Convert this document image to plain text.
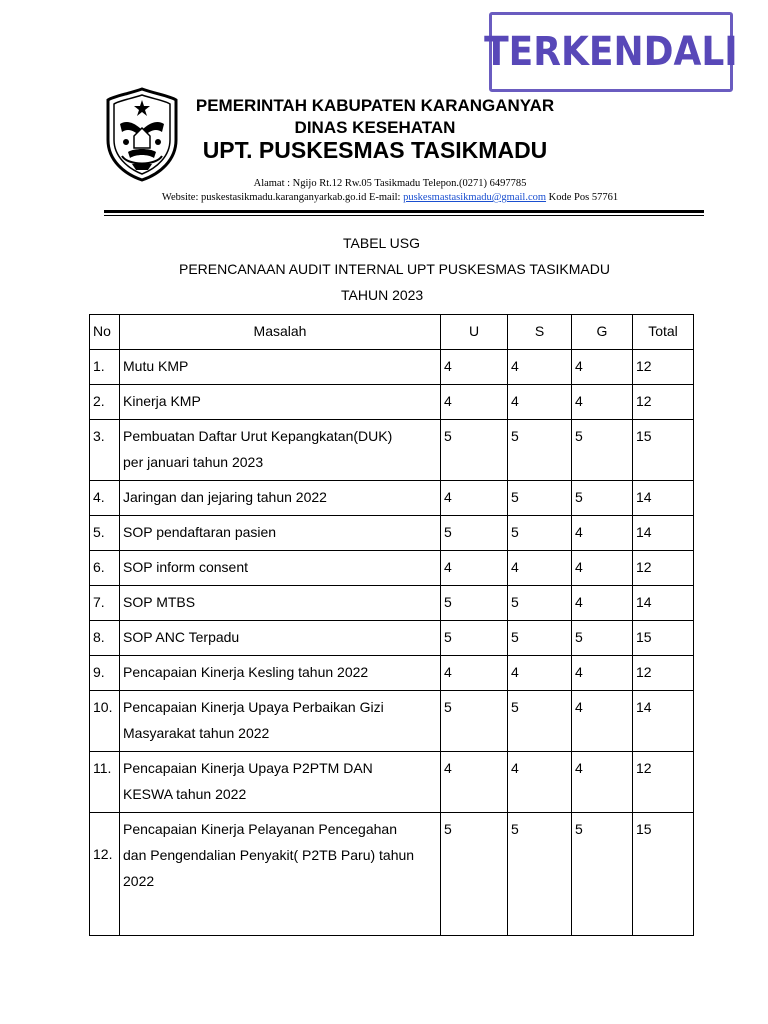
TERKENDALI
PEMERINTAH KABUPATEN KARANGANYAR
DINAS KESEHATAN
UPT. PUSKESMAS TASIKMADU
Alamat : Ngijo Rt.12 Rw.05 Tasikmadu Telepon.(0271) 6497785
Website: puskestasikmadu.karanganyarkab.go.id E-mail: puskesmastasikmadu@gmail.com Kode Pos 57761
TABEL USG
PERENCANAAN AUDIT INTERNAL UPT PUSKESMAS TASIKMADU
TAHUN 2023
No	Masalah	U	S	G	Total
1.	Mutu KMP	4	4	4	12
2.	Kinerja KMP	4	4	4	12
3.	Pembuatan Daftar Urut Kepangkatan(DUK)
per januari tahun 2023	5	5	5	15
4.	Jaringan dan jejaring tahun 2022	4	5	5	14
5.	SOP pendaftaran pasien	5	5	4	14
6.	SOP inform consent	4	4	4	12
7.	SOP MTBS	5	5	4	14
8.	SOP ANC Terpadu	5	5	5	15
9.	Pencapaian Kinerja Kesling tahun 2022	4	4	4	12
10.	Pencapaian Kinerja Upaya Perbaikan Gizi
Masyarakat tahun 2022	5	5	4	14
11.	Pencapaian Kinerja Upaya P2PTM DAN
KESWA tahun 2022	4	4	4	12

12.	Pencapaian Kinerja Pelayanan Pencegahan
dan Pengendalian Penyakit( P2TB Paru) tahun
2022	5	5	5	15
